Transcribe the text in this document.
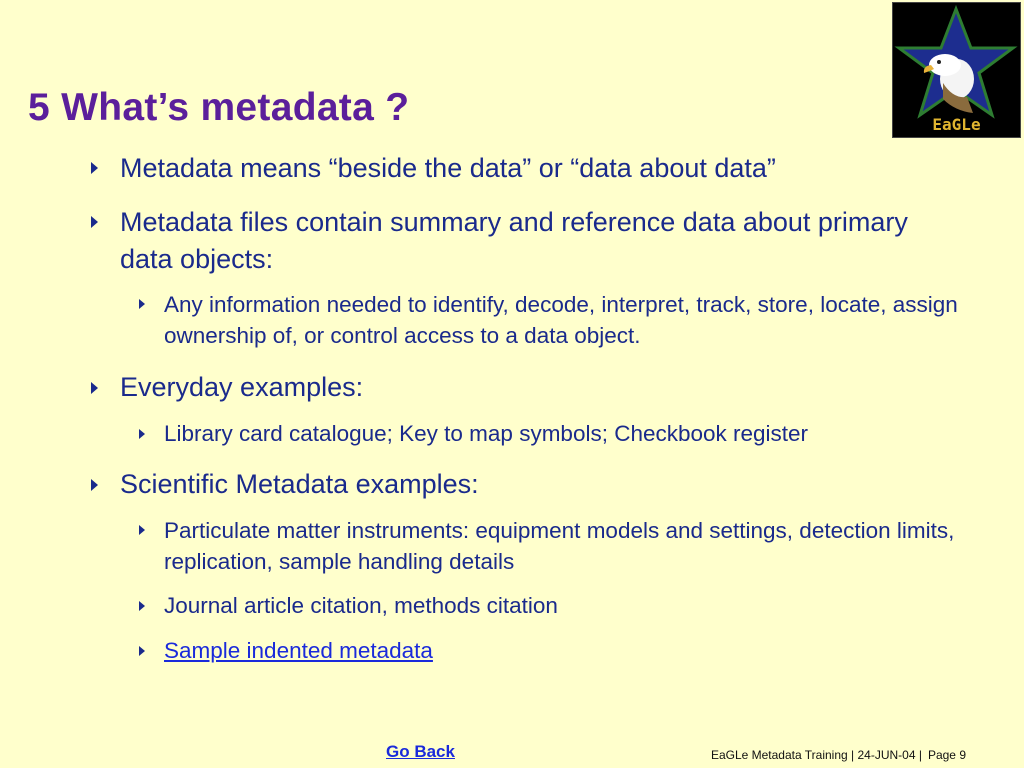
5 What’s metadata ?	EaGLe
Metadata means “beside the data” or “data about data”
Metadata files contain summary and reference data about primary data objects:
Any information needed to identify, decode, interpret, track, store, locate, assign ownership of, or control access to a data object.
Everyday examples:
Library card catalogue; Key to map symbols; Checkbook register
Scientific Metadata examples:
Particulate matter instruments: equipment models and settings, detection limits, replication, sample handling details
Journal article citation, methods citation
Sample indented metadata
Go Back	EaGLe Metadata Training | 24-JUN-04 | Page 9
